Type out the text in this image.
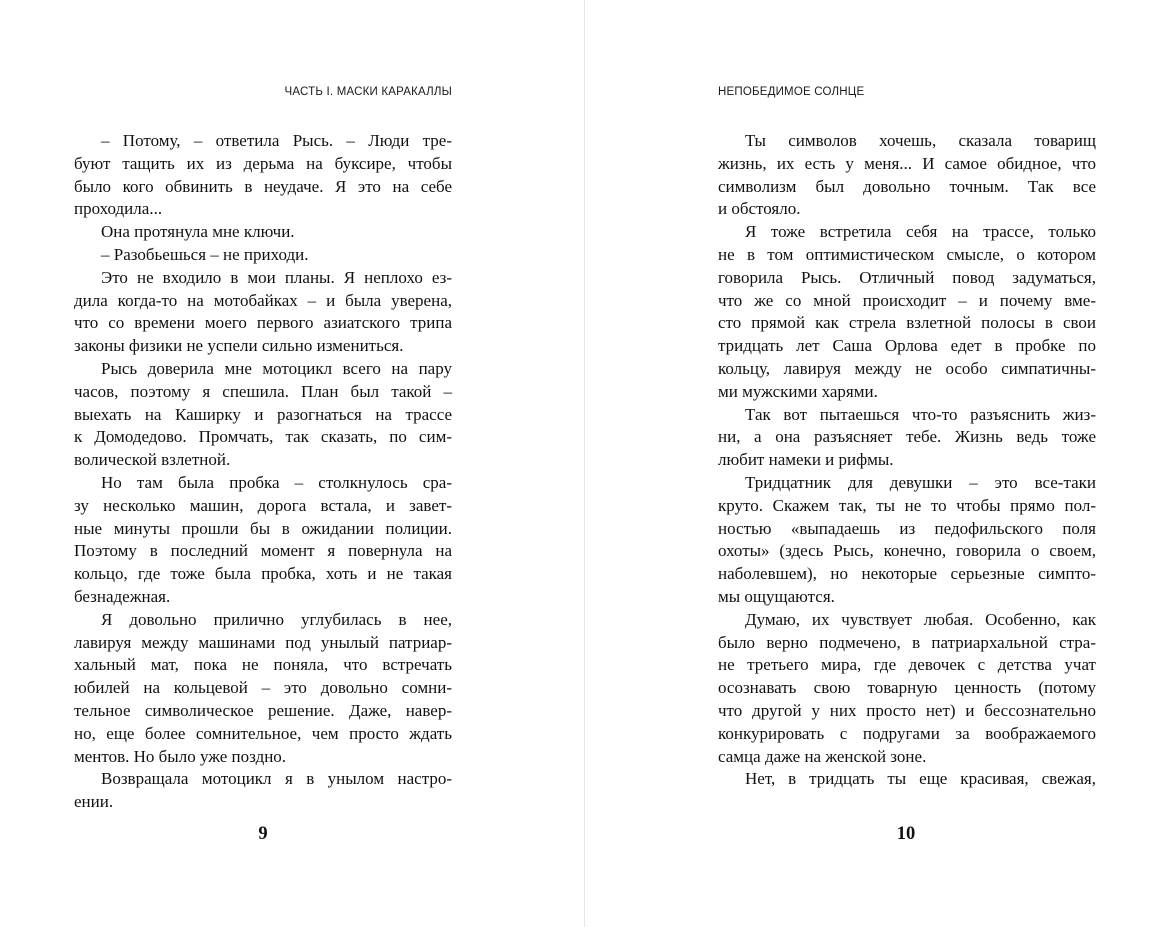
ЧАСТЬ I. МАСКИ КАРАКАЛЛЫ
– Потому, – ответила Рысь. – Люди тре-
буют тащить их из дерьма на буксире, чтобы
было кого обвинить в неудаче. Я это на себе
проходила...
Она протянула мне ключи.
– Разобьешься – не приходи.
Это не входило в мои планы. Я неплохо ез-
дила когда-то на мотобайках – и была уверена,
что со времени моего первого азиатского трипа
законы физики не успели сильно измениться.
Рысь доверила мне мотоцикл всего на пару
часов, поэтому я спешила. План был такой –
выехать на Каширку и разогнаться на трассе
к Домодедово. Промчать, так сказать, по сим-
волической взлетной.
Но там была пробка – столкнулось сра-
зу несколько машин, дорога встала, и завет-
ные минуты прошли бы в ожидании полиции.
Поэтому в последний момент я повернула на
кольцо, где тоже была пробка, хоть и не такая
безнадежная.
Я довольно прилично углубилась в нее,
лавируя между машинами под унылый патриар-
хальный мат, пока не поняла, что встречать
юбилей на кольцевой – это довольно сомни-
тельное символическое решение. Даже, навер-
но, еще более сомнительное, чем просто ждать
ментов. Но было уже поздно.
Возвращала мотоцикл я в унылом настро-
ении.
9
НЕПОБЕДИМОЕ СОЛНЦЕ
Ты символов хочешь, сказала товарищ
жизнь, их есть у меня... И самое обидное, что
символизм был довольно точным. Так все
и обстояло.
Я тоже встретила себя на трассе, только
не в том оптимистическом смысле, о котором
говорила Рысь. Отличный повод задуматься,
что же со мной происходит – и почему вме-
сто прямой как стрела взлетной полосы в свои
тридцать лет Саша Орлова едет в пробке по
кольцу, лавируя между не особо симпатичны-
ми мужскими харями.
Так вот пытаешься что-то разъяснить жиз-
ни, а она разъясняет тебе. Жизнь ведь тоже
любит намеки и рифмы.
Тридцатник для девушки – это все-таки
круто. Скажем так, ты не то чтобы прямо пол-
ностью «выпадаешь из педофильского поля
охоты» (здесь Рысь, конечно, говорила о своем,
наболевшем), но некоторые серьезные симпто-
мы ощущаются.
Думаю, их чувствует любая. Особенно, как
было верно подмечено, в патриархальной стра-
не третьего мира, где девочек с детства учат
осознавать свою товарную ценность (потому
что другой у них просто нет) и бессознательно
конкурировать с подругами за воображаемого
самца даже на женской зоне.
Нет, в тридцать ты еще красивая, свежая,
10
